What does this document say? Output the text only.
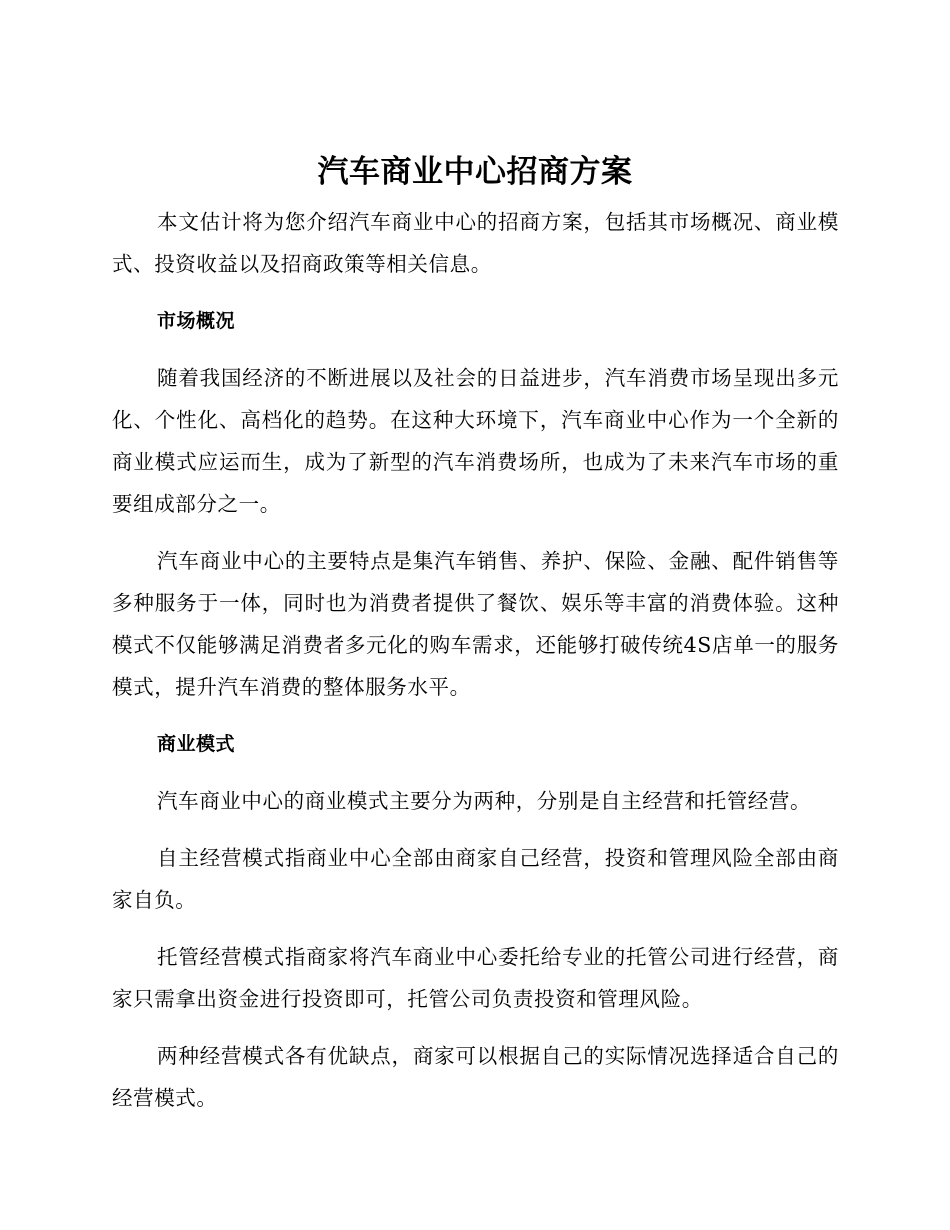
汽车商业中心招商方案

本文估计将为您介绍汽车商业中心的招商方案，包括其市场概况、商业模式、投资收益以及招商政策等相关信息。

市场概况

随着我国经济的不断进展以及社会的日益进步，汽车消费市场呈现出多元化、个性化、高档化的趋势。在这种大环境下，汽车商业中心作为一个全新的商业模式应运而生，成为了新型的汽车消费场所，也成为了未来汽车市场的重要组成部分之一。

汽车商业中心的主要特点是集汽车销售、养护、保险、金融、配件销售等多种服务于一体，同时也为消费者提供了餐饮、娱乐等丰富的消费体验。这种模式不仅能够满足消费者多元化的购车需求，还能够打破传统4S店单一的服务模式，提升汽车消费的整体服务水平。

商业模式

汽车商业中心的商业模式主要分为两种，分别是自主经营和托管经营。

自主经营模式指商业中心全部由商家自己经营，投资和管理风险全部由商家自负。

托管经营模式指商家将汽车商业中心委托给专业的托管公司进行经营，商家只需拿出资金进行投资即可，托管公司负责投资和管理风险。

两种经营模式各有优缺点，商家可以根据自己的实际情况选择适合自己的经营模式。
